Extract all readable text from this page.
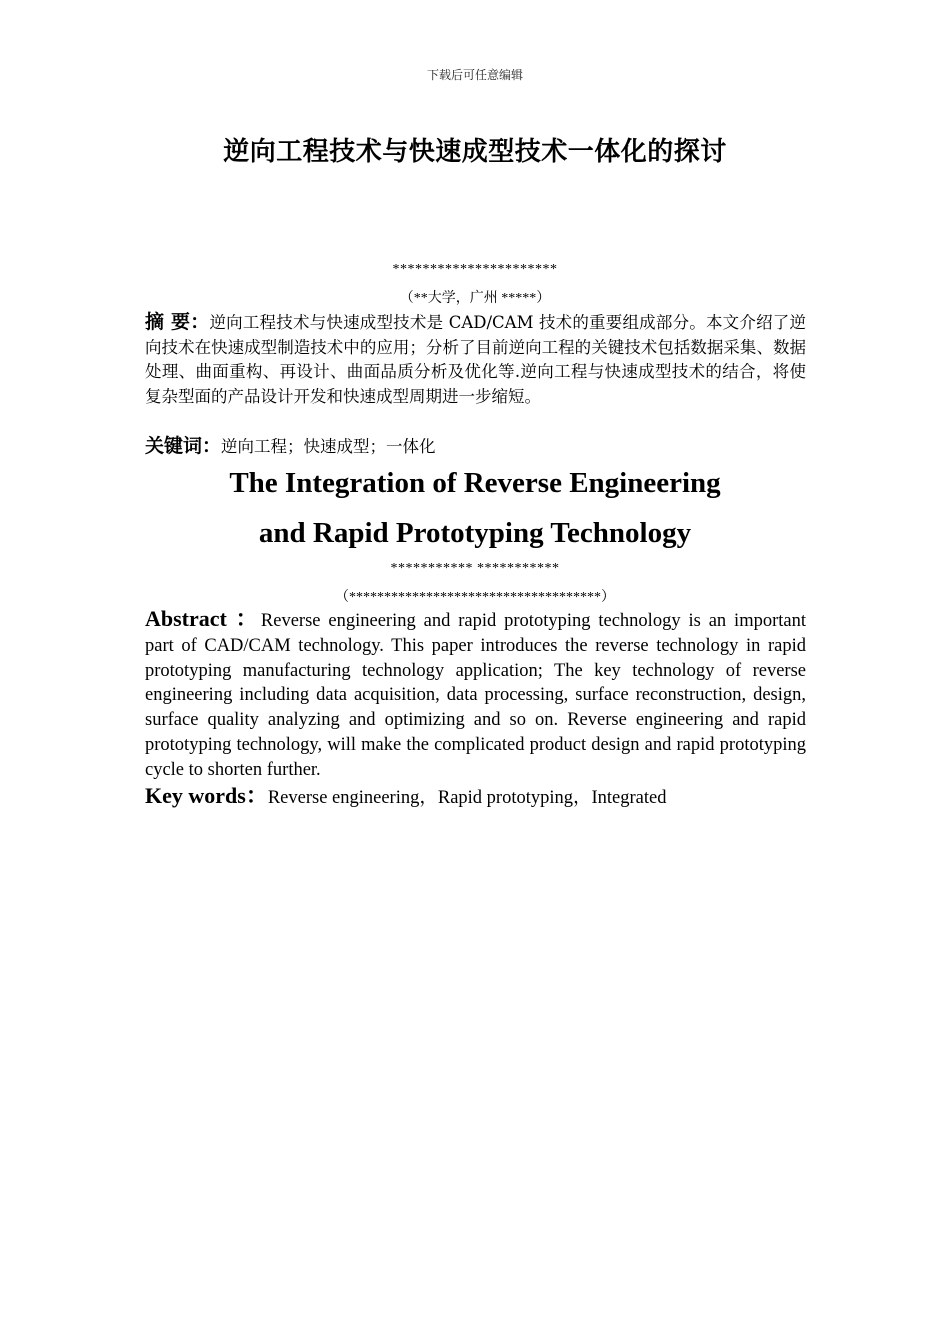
下载后可任意编辑
逆向工程技术与快速成型技术一体化的探讨
**********************
（**大学，广州 *****）
摘 要：逆向工程技术与快速成型技术是 CAD/CAM 技术的重要组成部分。本文介绍了逆向技术在快速成型制造技术中的应用；分析了目前逆向工程的关键技术包括数据采集、数据处理、曲面重构、再设计、曲面品质分析及优化等.逆向工程与快速成型技术的结合，将使复杂型面的产品设计开发和快速成型周期进一步缩短。
关键词：逆向工程；快速成型；一体化
The Integration of Reverse Engineering
and Rapid Prototyping Technology
*********** ***********
（************************************）
Abstract ：Reverse engineering and rapid prototyping technology is an important part of CAD/CAM technology. This paper introduces the reverse technology in rapid prototyping manufacturing technology application; The key technology of reverse engineering including data acquisition, data processing, surface reconstruction, design, surface quality analyzing and optimizing and so on. Reverse engineering and rapid prototyping technology, will make the complicated product design and rapid prototyping cycle to shorten further.
Key words：Reverse engineering，Rapid prototyping，Integrated
